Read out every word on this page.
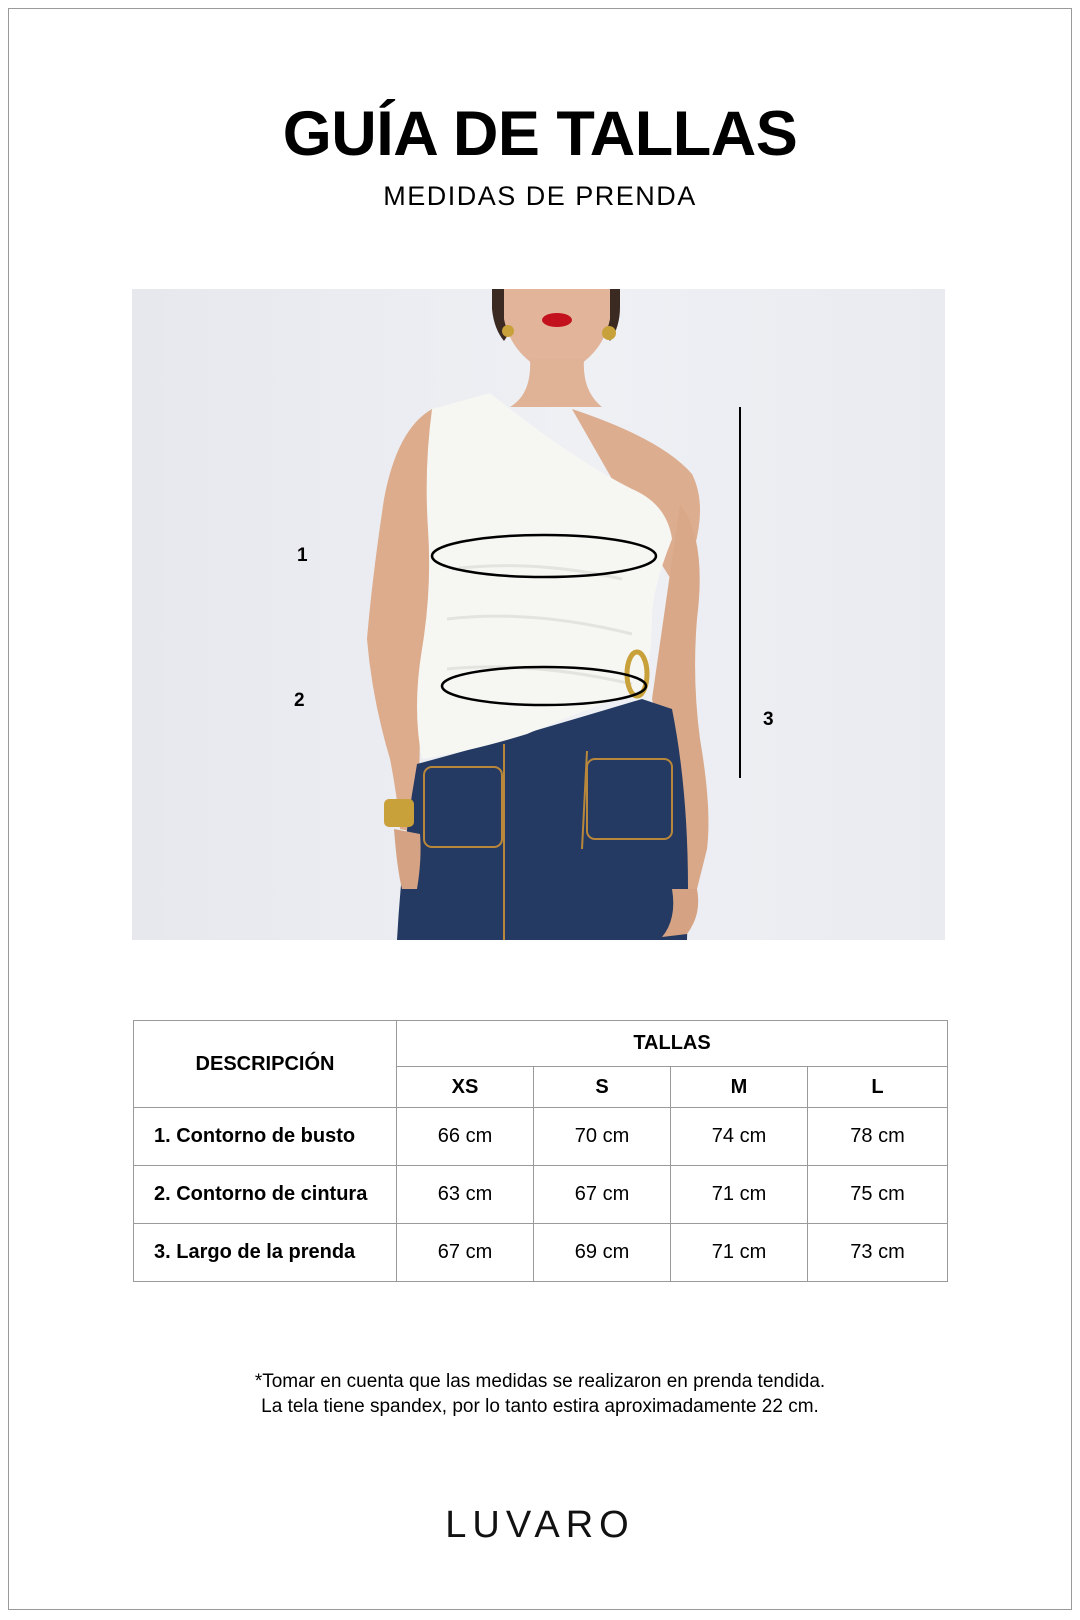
GUÍA DE TALLAS
MEDIDAS DE PRENDA
1
2
3
DESCRIPCIÓN	TALLAS			
	XS	S	M	L
1. Contorno de busto	66 cm	70 cm	74 cm	78 cm
2. Contorno de cintura	63 cm	67 cm	71 cm	75 cm
3. Largo de la prenda	67 cm	69 cm	71 cm	73 cm
*Tomar en cuenta que las medidas se realizaron en prenda tendida.
La tela tiene spandex, por lo tanto estira aproximadamente 22 cm.
LUVARO
